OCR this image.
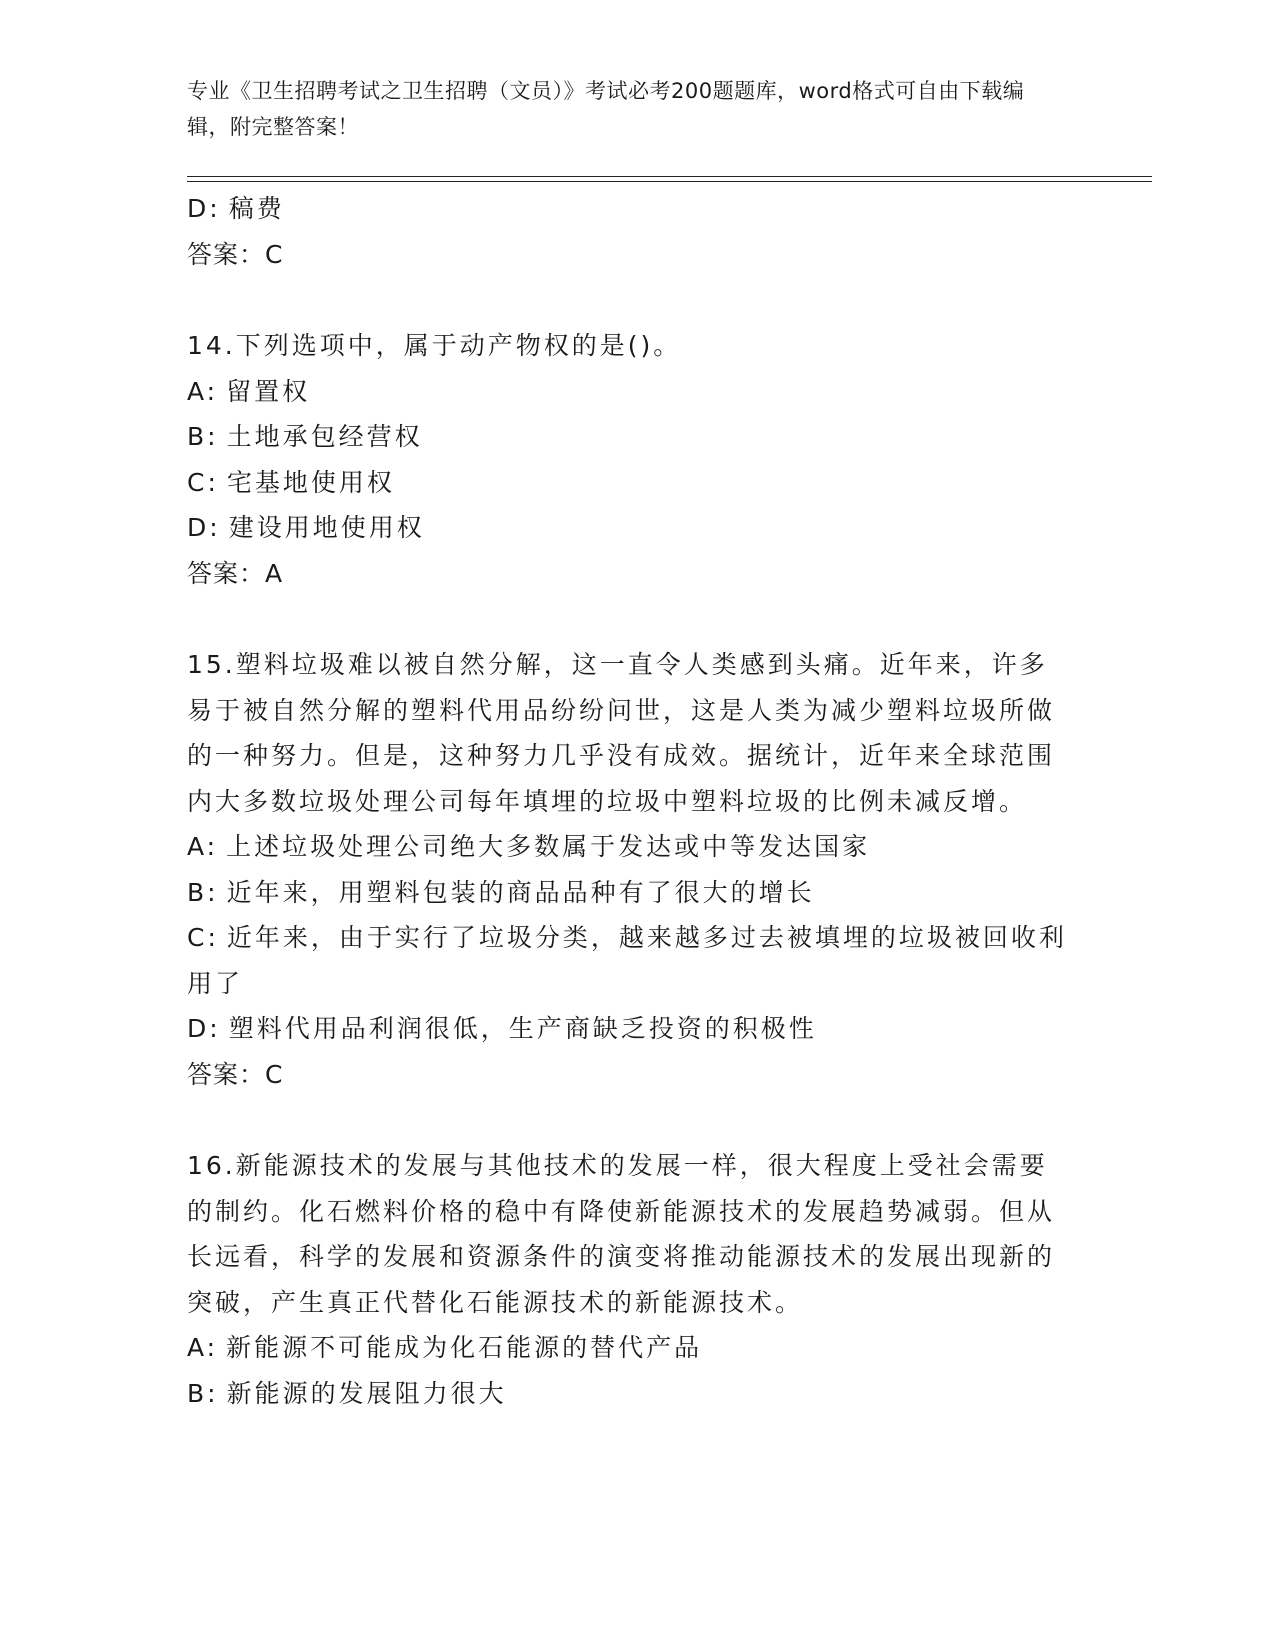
专业《卫生招聘考试之卫生招聘（文员）》考试必考200题题库，word格式可自由下载编辑，附完整答案！

D: 稿费

答案：C

14.下列选项中，属于动产物权的是()。

A: 留置权

B: 土地承包经营权

C: 宅基地使用权

D: 建设用地使用权

答案：A

15.塑料垃圾难以被自然分解，这一直令人类感到头痛。近年来，许多易于被自然分解的塑料代用品纷纷问世，这是人类为减少塑料垃圾所做的一种努力。但是，这种努力几乎没有成效。据统计，近年来全球范围内大多数垃圾处理公司每年填埋的垃圾中塑料垃圾的比例未减反增。

A: 上述垃圾处理公司绝大多数属于发达或中等发达国家

B: 近年来，用塑料包装的商品品种有了很大的增长

C: 近年来，由于实行了垃圾分类，越来越多过去被填埋的垃圾被回收利用了

D: 塑料代用品利润很低，生产商缺乏投资的积极性

答案：C

16.新能源技术的发展与其他技术的发展一样，很大程度上受社会需要的制约。化石燃料价格的稳中有降使新能源技术的发展趋势减弱。但从长远看，科学的发展和资源条件的演变将推动能源技术的发展出现新的突破，产生真正代替化石能源技术的新能源技术。

A: 新能源不可能成为化石能源的替代产品

B: 新能源的发展阻力很大
